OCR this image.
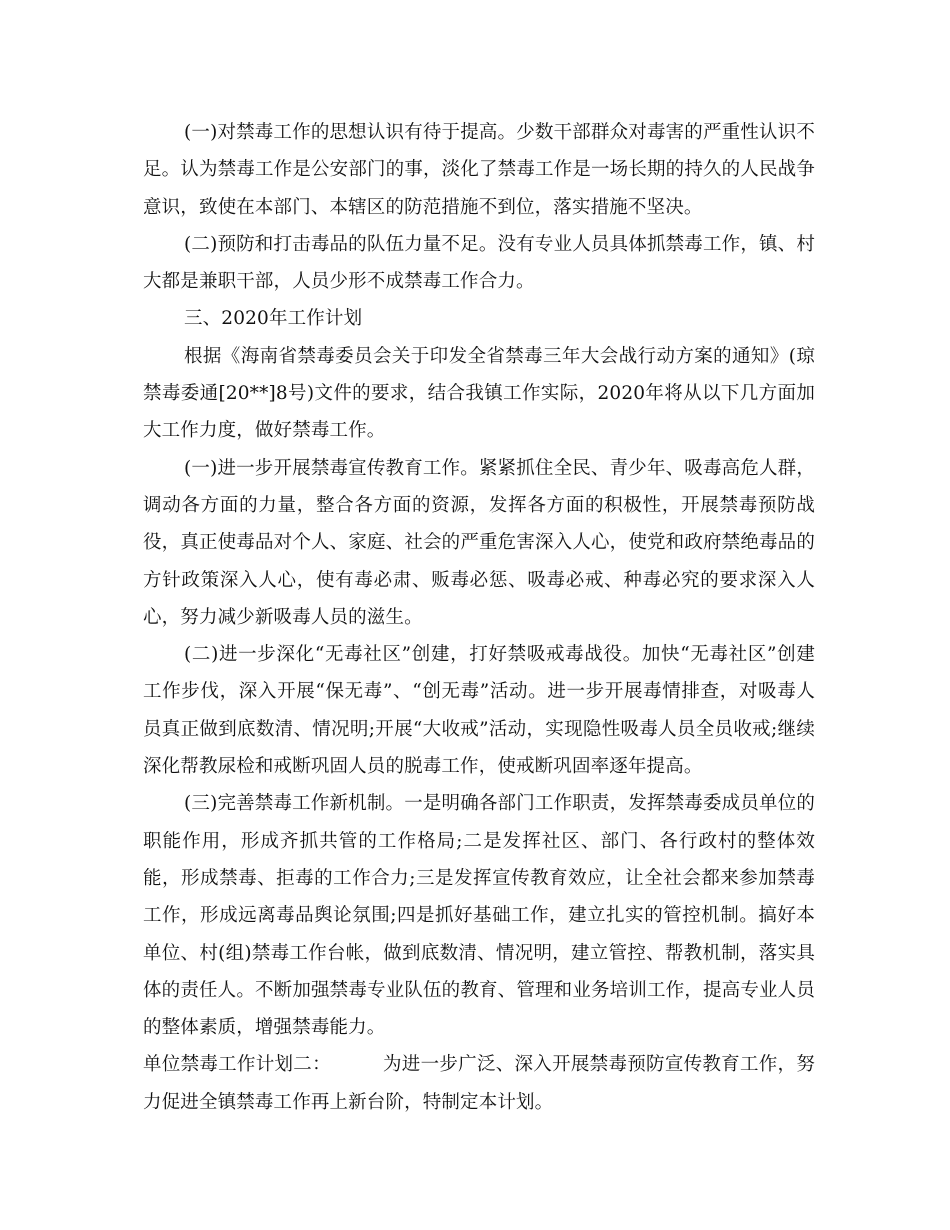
(一)对禁毒工作的思想认识有待于提高。少数干部群众对毒害的严重性认识不足。认为禁毒工作是公安部门的事，淡化了禁毒工作是一场长期的持久的人民战争意识，致使在本部门、本辖区的防范措施不到位，落实措施不坚决。

(二)预防和打击毒品的队伍力量不足。没有专业人员具体抓禁毒工作，镇、村大都是兼职干部，人员少形不成禁毒工作合力。

三、2020年工作计划

根据《海南省禁毒委员会关于印发全省禁毒三年大会战行动方案的通知》(琼禁毒委通[20**]8号)文件的要求，结合我镇工作实际，2020年将从以下几方面加大工作力度，做好禁毒工作。

(一)进一步开展禁毒宣传教育工作。紧紧抓住全民、青少年、吸毒高危人群，调动各方面的力量，整合各方面的资源，发挥各方面的积极性，开展禁毒预防战役，真正使毒品对个人、家庭、社会的严重危害深入人心，使党和政府禁绝毒品的方针政策深入人心，使有毒必肃、贩毒必惩、吸毒必戒、种毒必究的要求深入人心，努力减少新吸毒人员的滋生。

(二)进一步深化“无毒社区”创建，打好禁吸戒毒战役。加快“无毒社区”创建工作步伐，深入开展“保无毒”、“创无毒”活动。进一步开展毒情排查，对吸毒人员真正做到底数清、情况明;开展“大收戒”活动，实现隐性吸毒人员全员收戒;继续深化帮教尿检和戒断巩固人员的脱毒工作，使戒断巩固率逐年提高。

(三)完善禁毒工作新机制。一是明确各部门工作职责，发挥禁毒委成员单位的职能作用，形成齐抓共管的工作格局;二是发挥社区、部门、各行政村的整体效能，形成禁毒、拒毒的工作合力;三是发挥宣传教育效应，让全社会都来参加禁毒工作，形成远离毒品舆论氛围;四是抓好基础工作，建立扎实的管控机制。搞好本单位、村(组)禁毒工作台帐，做到底数清、情况明，建立管控、帮教机制，落实具体的责任人。不断加强禁毒专业队伍的教育、管理和业务培训工作，提高专业人员的整体素质，增强禁毒能力。

单位禁毒工作计划二：	为进一步广泛、深入开展禁毒预防宣传教育工作，努力促进全镇禁毒工作再上新台阶，特制定本计划。
